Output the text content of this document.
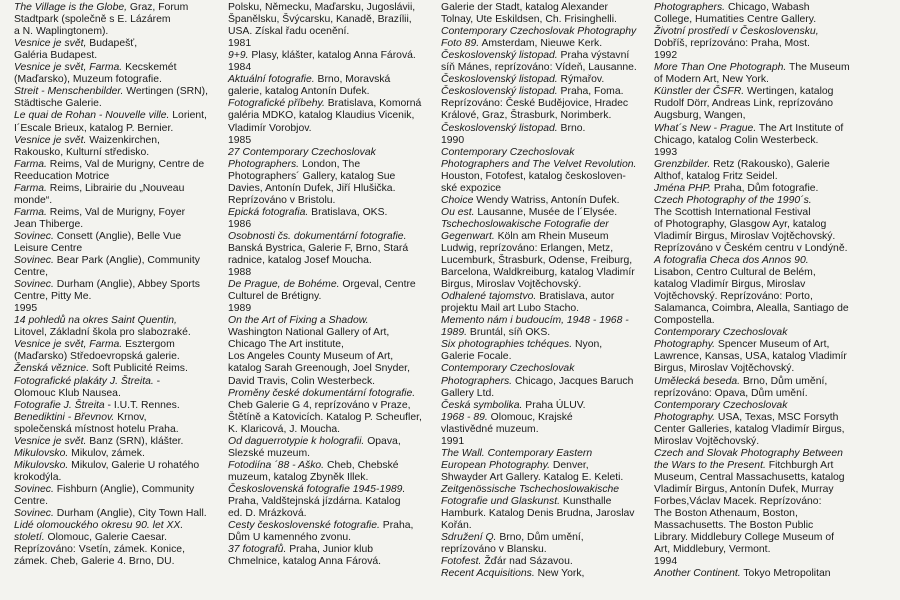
The Village is the Globe, Graz, Forum

Stadtpark (společně s E. Lázárem

a N. Waplingtonem).

Vesnice je svět, Budapešť,

Galéria Budapest.

Vesnice je svět, Farma. Kecskemét

(Maďarsko), Muzeum fotografie.

Streit - Menschenbilder. Wertingen (SRN),

Städtische Galerie.

Le quai de Rohan - Nouvelle ville. Lorient,

I´Escale Brieux, katalog P. Bernier.

Vesnice je svět. Waizenkirchen,

Rakousko, Kulturní středisko.

Farma. Reims, Val de Murigny, Centre de

Reeducation Motrice

Farma. Reims, Librairie du „Nouveau

monde“.

Farma. Reims, Val de Murigny, Foyer

Jean Thiberge.

Sovinec. Consett (Anglie), Belle Vue

Leisure Centre

Sovinec. Bear Park (Anglie), Community

Centre,

Sovinec. Durham (Anglie), Abbey Sports

Centre, Pitty Me.

1995

14 pohledů na okres Saint Quentin,

Litovel, Základní škola pro slabozraké.

Vesnice je svět, Farma. Esztergom

(Maďarsko) Středoevropská galerie.

Ženská věznice. Soft Publicité Reims.

Fotografické plakáty J. Štreita. -

Olomouc Klub Nausea.

Fotografie J. Štreita - I.U.T. Rennes.

Benediktini - Břevnov. Krnov,

společenská místnost hotelu Praha.

Vesnice je svět. Banz (SRN), klášter.

Mikulovsko. Mikulov, zámek.

Mikulovsko. Mikulov, Galerie U rohatého

krokodýla.

Sovinec. Fishburn (Anglie), Community

Centre.

Sovinec. Durham (Anglie), City Town Hall.

Lidé olomouckého okresu 90. let XX.

století. Olomouc, Galerie Caesar.

Reprízováno: Vsetín, zámek. Konice,

zámek. Cheb, Galerie 4. Brno, DU.

Polsku, Německu, Maďarsku, Jugoslávii,

Španělsku, Švýcarsku, Kanadě, Brazílii,

USA. Získal řadu ocenění.

1981

9+9. Plasy, klášter, katalog Anna Fárová.

1984

Aktuální fotografie. Brno, Moravská

galerie, katalog Antonín Dufek.

Fotografické příbehy. Bratislava, Komorná

galéria MDKO, katalog Klaudius Vicenik,

Vladimír Vorobjov.

1985

27 Contemporary Czechoslovak

Photographers. London, The

Photographers´ Gallery, katalog Sue

Davies, Antonín Dufek, Jiří Hlušička.

Reprízováno v Bristolu.

Epická fotografia. Bratislava, OKS.

1986

Osobnosti čs. dokumentární fotografie.

Banská Bystrica, Galerie F, Brno, Stará

radnice, katalog Josef Moucha.

1988

De Prague, de Bohéme. Orgeval, Centre

Culturel de Brétigny.

1989

On the Art of Fixing a Shadow.

Washington National Gallery of Art,

Chicago The Art institute,

Los Angeles County Museum of Art,

katalog Sarah Greenough, Joel Snyder,

David Travis, Colin Westerbeck.

Proměny české dokumentární fotografie.

Cheb Galerie G 4, reprízováno v Praze,

Štětíně a Katovicích. Katalog P. Scheufler,

K. Klaricová, J. Moucha.

Od daguerrotypie k holografii. Opava,

Slezské muzeum.

Fotodiína ´88 - Aško. Cheb, Chebské

muzeum, katalog Zbyněk Illek.

Československá fotografie 1945-1989.

Praha, Valdštejnská jízdárna. Katalog

ed. D. Mrázková.

Cesty československé fotografie. Praha,

Dům U kamenného zvonu.

37 fotografů. Praha, Junior klub

Chmelnice, katalog Anna Fárová.

Galerie der Stadt, katalog Alexander

Tolnay, Ute Eskildsen, Ch. Frisinghelli.

Contemporary Czechoslovak Photography

Foto 89. Amsterdam, Nieuwe Kerk.

Československý listopad. Praha výstavní

síň Mánes, reprízováno: Vídeň, Lausanne.

Československý listopad. Rýmařov.

Československý listopad. Praha, Foma.

Reprízováno: České Budějovice, Hradec

Králové, Graz, Štrasburk, Norimberk.

Československý listopad. Brno.

1990

Contemporary Czechoslovak

Photographers and The Velvet Revolution.

Houston, Fotofest, katalog českosloven-

ské expozice

Choice Wendy Watriss, Antonín Dufek.

Ou est. Lausanne, Musée de l´Elysée.

Tschechoslowakische Fotografie der

Gegenwart. Köln am Rhein Museum

Ludwig, reprízováno: Erlangen, Metz,

Lucemburk, Štrasburk, Odense, Freiburg,

Barcelona, Waldkreiburg, katalog Vladimír

Birgus, Miroslav Vojtěchovský.

Odhalené tajomstvo. Bratislava, autor

projektu Mail art Lubo Stacho.

Memento nám i budoucím, 1948 - 1968 -

1989. Bruntál, síň OKS.

Six photographies tchéques. Nyon,

Galerie Focale.

Contemporary Czechoslovak

Photographers. Chicago, Jacques Baruch

Gallery Ltd.

Česká symbolika. Praha ÚLUV.

1968 - 89. Olomouc, Krajské

vlastivědné muzeum.

1991

The Wall. Contemporary Eastern

European Photography. Denver,

Shwayder Art Gallery. Katalog E. Keleti.

Zeitgenössische Tschechoslowakische

Fotografie und Glaskunst. Kunsthalle

Hamburk. Katalog Denis Brudna, Jaroslav

Kořán.

Sdružení Q. Brno, Dům umění,

reprízováno v Blansku.

Fotofest. Žďár nad Sázavou.

Recent Acquisitions. New York,

Photographers. Chicago, Wabash

College, Humatities Centre Gallery.

Životní prostředí v Československu,

Dobříš, reprízováno: Praha, Most.

1992

More Than One Photograph. The Museum

of Modern Art, New York.

Künstler der ČSFR. Wertingen, katalog

Rudolf Dörr, Andreas Link, reprízováno

Augsburg, Wangen,

What´s New - Prague. The Art Institute of

Chicago, katalog Colin Westerbeck.

1993

Grenzbilder. Retz (Rakousko), Galerie

Althof, katalog Fritz Seidel.

Jména PHP. Praha, Dům fotografie.

Czech Photography of the 1990´s.

The Scottish International Festival

of Photography, Glasgow Ayr, katalog

Vladimír Birgus, Miroslav Vojtěchovský.

Reprízováno v Českém centru v Londýně.

A fotografia Checa dos Annos 90.

Lisabon, Centro Cultural de Belém,

katalog Vladimír Birgus, Miroslav

Vojtěchovský. Reprízováno: Porto,

Salamanca, Coimbra, Alealla, Santiago de

Compostella.

Contemporary Czechoslovak

Photography. Spencer Museum of Art,

Lawrence, Kansas, USA, katalog Vladimír

Birgus, Miroslav Vojtěchovský.

Umělecká beseda. Brno, Dům umění,

reprízováno: Opava, Dům umění.

Contemporary Czechoslovak

Photography. USA, Texas, MSC Forsyth

Center Galleries, katalog Vladimír Birgus,

Miroslav Vojtěchovský.

Czech and Slovak Photography Between

the Wars to the Present. Fitchburgh Art

Museum, Central Massachusetts, katalog

Vladimír Birgus, Antonín Dufek, Murray

Forbes,Václav Macek. Reprízováno:

The Boston Athenaum, Boston,

Massachusetts. The Boston Public

Library. Middlebury College Museum of

Art, Middlebury, Vermont.

1994

Another Continent. Tokyo Metropolitan
